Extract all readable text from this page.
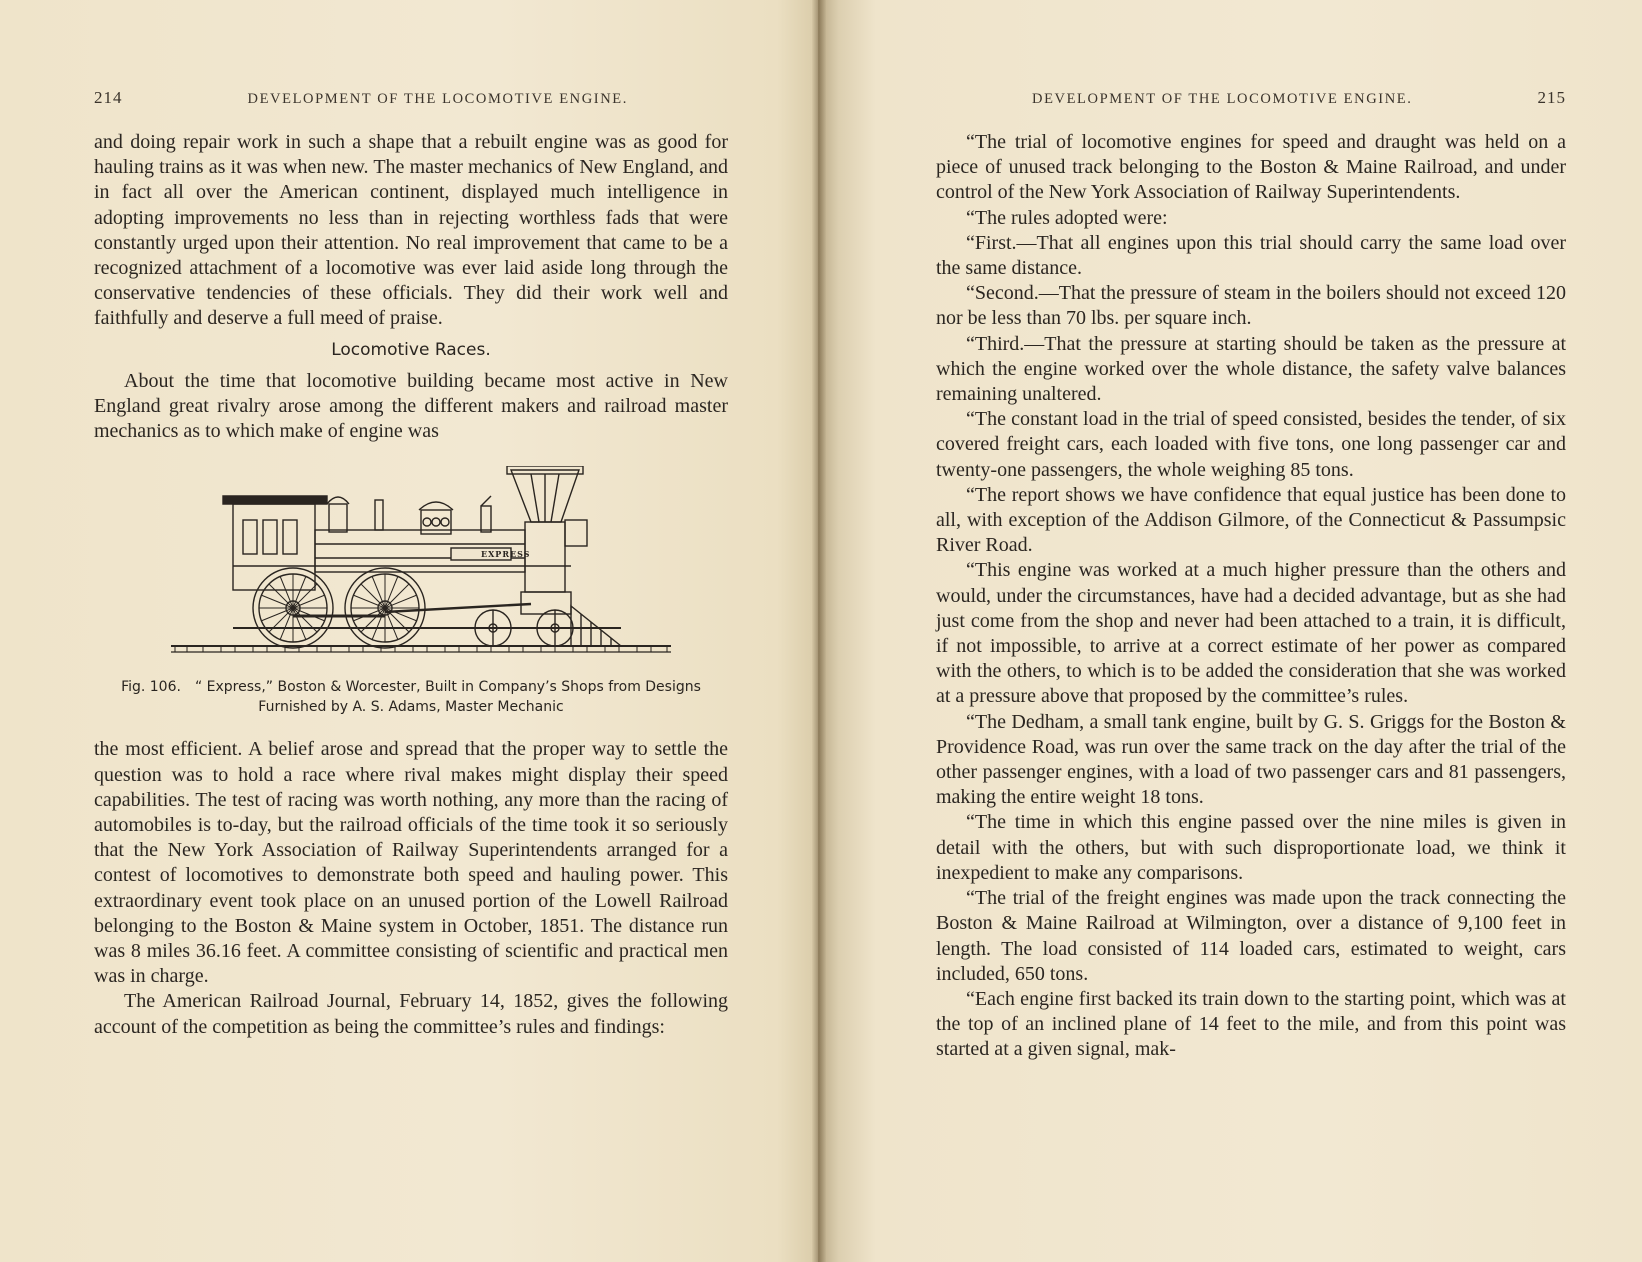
214	DEVELOPMENT OF THE LOCOMOTIVE ENGINE.

and doing repair work in such a shape that a rebuilt engine was as good for hauling trains as it was when new. The master mechanics of New England, and in fact all over the American continent, displayed much intelligence in adopting improvements no less than in rejecting worthless fads that were constantly urged upon their attention. No real improvement that came to be a recognized attachment of a locomotive was ever laid aside long through the conservative tendencies of these officials. They did their work well and faithfully and deserve a full meed of praise.

Locomotive Races.

About the time that locomotive building became most active in New England great rivalry arose among the different makers and railroad master mechanics as to which make of engine was

EXPRESS
Fig. 106. “ Express,” Boston & Worcester, Built in Company’s Shops from Designs
Furnished by A. S. Adams, Master Mechanic

the most efficient. A belief arose and spread that the proper way to settle the question was to hold a race where rival makes might display their speed capabilities. The test of racing was worth nothing, any more than the racing of automobiles is to-day, but the railroad officials of the time took it so seriously that the New York Association of Railway Superintendents arranged for a contest of locomotives to demonstrate both speed and hauling power. This extraordinary event took place on an unused portion of the Lowell Railroad belonging to the Boston & Maine system in October, 1851. The distance run was 8 miles 36.16 feet. A committee consisting of scientific and practical men was in charge.

The American Railroad Journal, February 14, 1852, gives the following account of the competition as being the committee’s rules and findings:

DEVELOPMENT OF THE LOCOMOTIVE ENGINE.	215

“The trial of locomotive engines for speed and draught was held on a piece of unused track belonging to the Boston & Maine Railroad, and under control of the New York Association of Railway Superintendents.

“The rules adopted were:

“First.—That all engines upon this trial should carry the same load over the same distance.

“Second.—That the pressure of steam in the boilers should not exceed 120 nor be less than 70 lbs. per square inch.

“Third.—That the pressure at starting should be taken as the pressure at which the engine worked over the whole distance, the safety valve balances remaining unaltered.

“The constant load in the trial of speed consisted, besides the tender, of six covered freight cars, each loaded with five tons, one long passenger car and twenty-one passengers, the whole weighing 85 tons.

“The report shows we have confidence that equal justice has been done to all, with exception of the Addison Gilmore, of the Connecticut & Passumpsic River Road.

“This engine was worked at a much higher pressure than the others and would, under the circumstances, have had a decided advantage, but as she had just come from the shop and never had been attached to a train, it is difficult, if not impossible, to arrive at a correct estimate of her power as compared with the others, to which is to be added the consideration that she was worked at a pressure above that proposed by the committee’s rules.

“The Dedham, a small tank engine, built by G. S. Griggs for the Boston & Providence Road, was run over the same track on the day after the trial of the other passenger engines, with a load of two passenger cars and 81 passengers, making the entire weight 18 tons.

“The time in which this engine passed over the nine miles is given in detail with the others, but with such disproportionate load, we think it inexpedient to make any comparisons.

“The trial of the freight engines was made upon the track connecting the Boston & Maine Railroad at Wilmington, over a distance of 9,100 feet in length. The load consisted of 114 loaded cars, estimated to weight, cars included, 650 tons.

“Each engine first backed its train down to the starting point, which was at the top of an inclined plane of 14 feet to the mile, and from this point was started at a given signal, mak-
